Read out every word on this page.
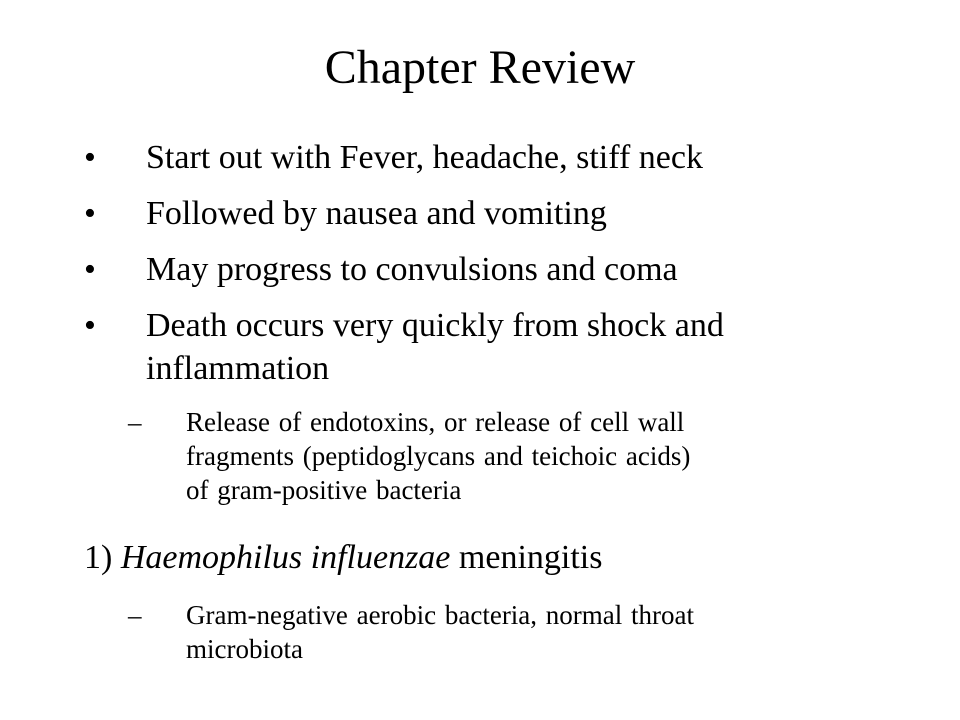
Chapter Review
• Start out with Fever, headache, stiff neck
• Followed by nausea and vomiting
• May progress to convulsions and coma
• Death occurs very quickly from shock and
inflammation
– Release of endotoxins, or release of cell wall
fragments (peptidoglycans and teichoic acids)
of gram-positive bacteria
1) Haemophilus influenzae meningitis
– Gram-negative aerobic bacteria, normal throat
microbiota
